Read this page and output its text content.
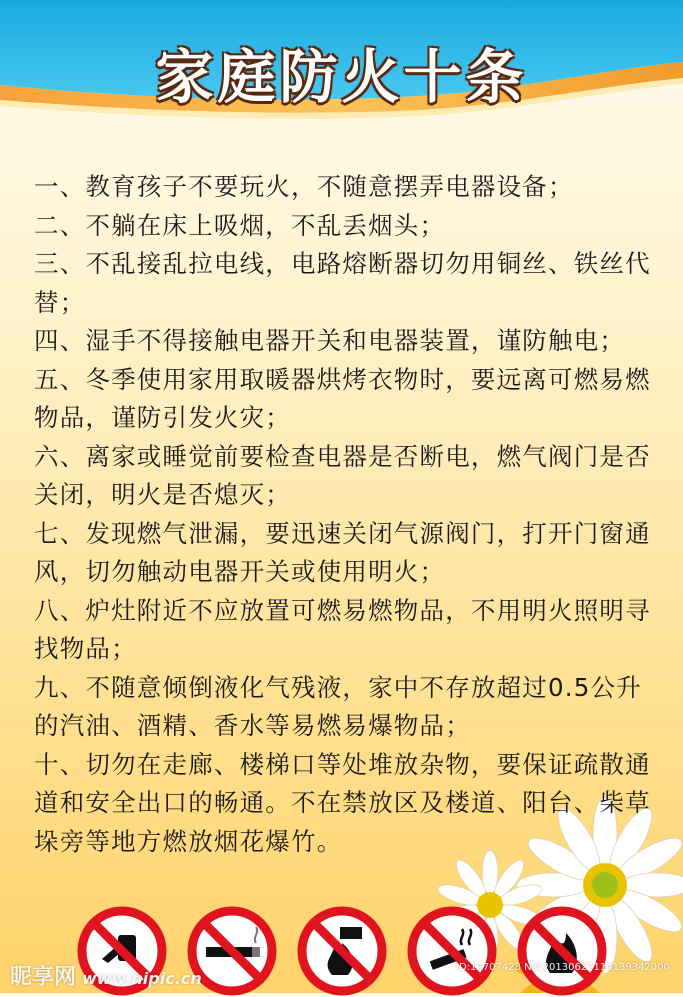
家庭防火十条

一、教育孩子不要玩火，不随意摆弄电器设备；

二、不躺在床上吸烟，不乱丢烟头；

三、不乱接乱拉电线，电路熔断器切勿用铜丝、铁丝代替；

四、湿手不得接触电器开关和电器装置，谨防触电；

五、冬季使用家用取暖器烘烤衣物时，要远离可燃易燃物品，谨防引发火灾；

六、离家或睡觉前要检查电器是否断电，燃气阀门是否关闭，明火是否熄灭；

七、发现燃气泄漏，要迅速关闭气源阀门，打开门窗通风，切勿触动电器开关或使用明火；

八、炉灶附近不应放置可燃易燃物品，不用明火照明寻找物品；

九、不随意倾倒液化气残液，家中不存放超过0.5公升的汽油、酒精、香水等易燃易爆物品；

十、切勿在走廊、楼梯口等处堆放杂物，要保证疏散通道和安全出口的畅通。不在禁放区及楼道、阳台、柴草垛旁等地方燃放烟花爆竹。

昵享网 www.nipic.cn
ID:12707428 NO:20130622114139342000
